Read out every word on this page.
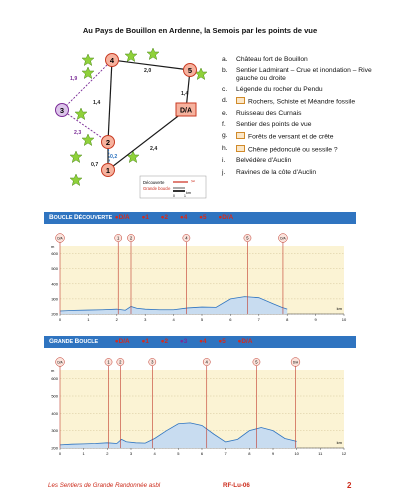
Au Pays de Bouillon en Ardenne, la Semois par les points de vue
1,9
2,0
1,4
1,4
2,3
0,7
0,2
2,4
4
5
3
2
1
D/A
Découverte
Grande boucle
✂
km
0	1
a. Château fort de Bouillon
b. Sentier Ladmirant – Crue et inondation – Rive gauche ou droite
c. Légende du rocher du Pendu
d.	Rochers, Schiste et Méandre fossile
e. Ruisseau des Curnais
f. Sentier des points de vue
g.	Forêts de versant et de crête
h.	Chêne pédonculé ou sessile ?
i. Belvédère d'Auclin
j. Ravines de la côte d'Auclin
BOUCLE DÉCOUVERTE ●D/A ●1 ●2 ●4 ●5 ●D/A
200
300
400
500
600
m
0	1	2	3	4	5	6	7	8	9	10
km
D/A	1 2	4	5	D/A
GRANDE BOUCLE	●D/A ●1 ●2 ●3 ●4 ●5 ●D/A
200
300
400
500
600
m
0	1	2	3	4	5	6	7	8	9	10	11	12
km
D/A	1 2	3	4	5	D/A
Les Sentiers de Grande Randonnée asbl	RF-Lu-06	2
